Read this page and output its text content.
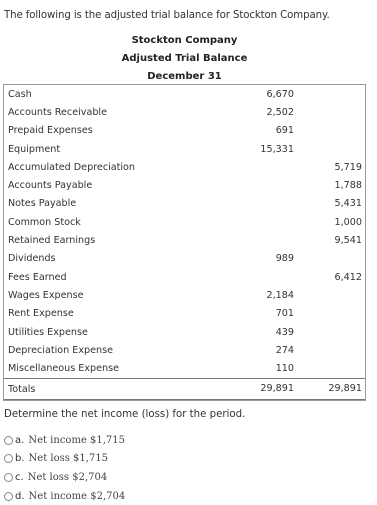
The following is the adjusted trial balance for Stockton Company.
Stockton Company
Adjusted Trial Balance
December 31
Cash	6,670		
Accounts Receivable	2,502		
Prepaid Expenses	691		
Equipment	15,331		
Accumulated Depreciation			5,719
Accounts Payable			1,788
Notes Payable			5,431
Common Stock			1,000
Retained Earnings			9,541
Dividends	989		
Fees Earned			6,412
Wages Expense	2,184		
Rent Expense	701		
Utilities Expense	439		
Depreciation Expense	274		
Miscellaneous Expense	110		
Totals	29,891		29,891
Determine the net income (loss) for the period.
a. Net income $1,715
b. Net loss $1,715
c. Net loss $2,704
d. Net income $2,704
